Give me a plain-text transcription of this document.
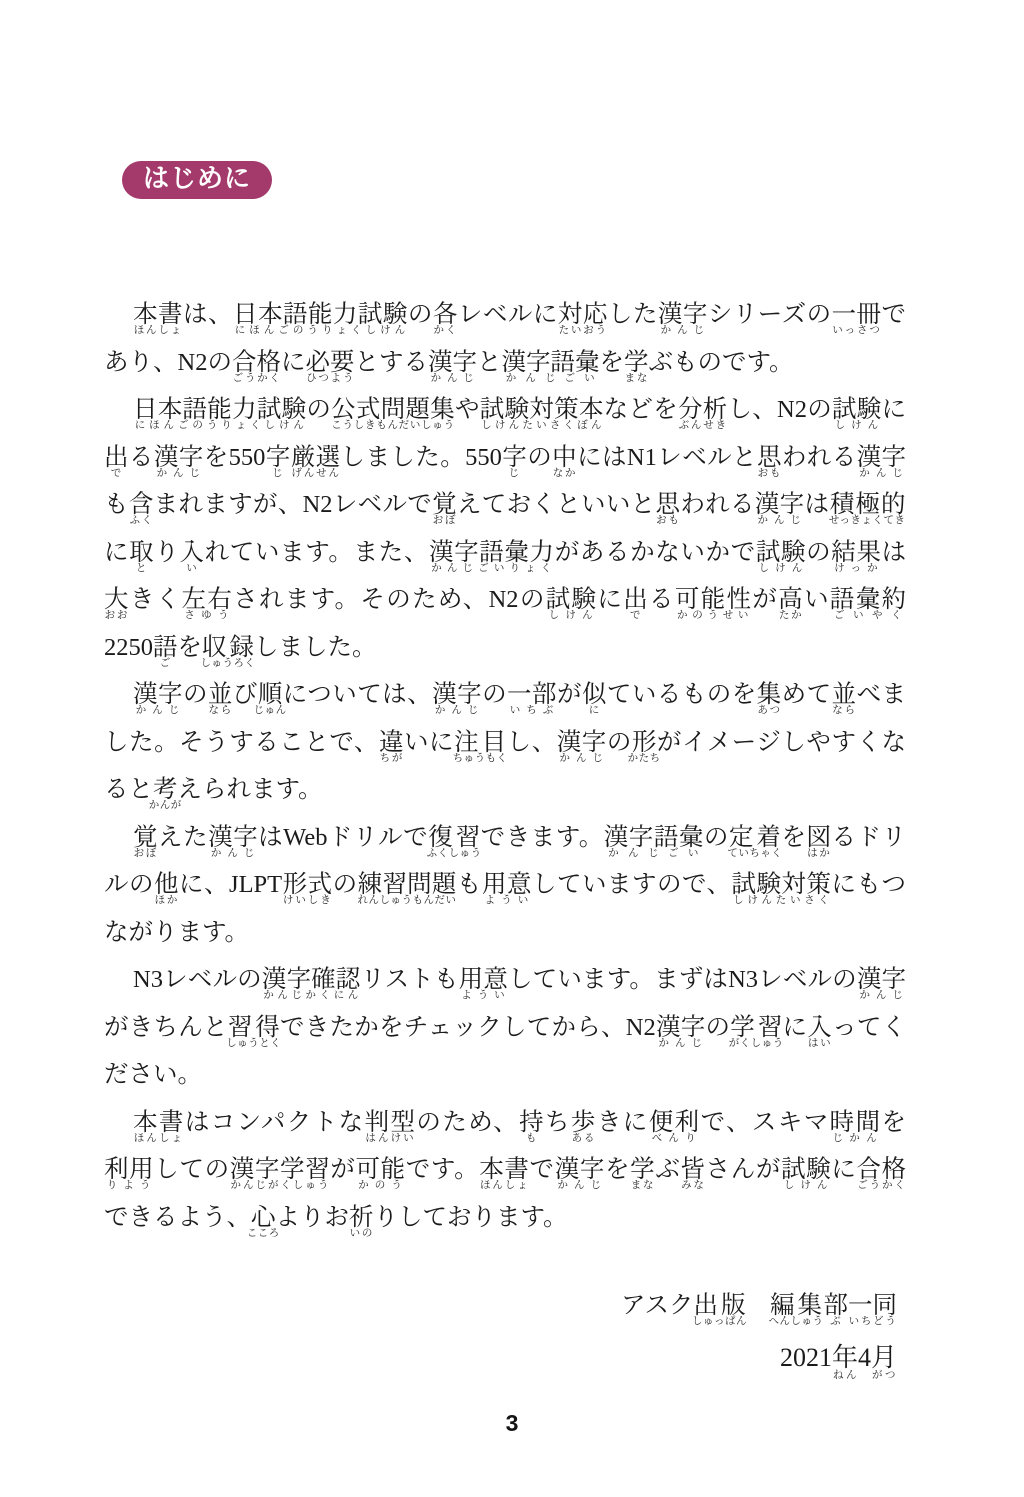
はじめに

本書ほんしょは、日本語能力試験にほんごのうりょくしけんの各かくレベルに対応たいおうした漢字かんじシリーズの一冊いっさつであり、N2の合格ごうかくに必要ひつようとする漢字かんじと漢字語彙かんじごいを学まなぶものです。

日本語能力試験にほんごのうりょくしけんの公式問題集こうしきもんだいしゅうや試験対策本しけんたいさくぼんなどを分析ぶんせきし、N2の試験しけんに出でる漢字かんじを550字じ厳選げんせんしました。550字じの中なかにはN1レベルと思おもわれる漢字かんじも含ふくまれますが、N2レベルで覚おぼえておくといいと思おもわれる漢字かんじは積極的せっきょくてきに取とり入いれています。また、漢字語彙力かんじごいりょくがあるかないかで試験しけんの結果けっかは大おおきく左右さゆうされます。そのため、N2の試験しけんに出でる可能性かのうせいが高たかい語彙約ごいやく2250語ごを収録しゅうろくしました。

漢字かんじの並ならび順じゅんについては、漢字かんじの一部いちぶが似にているものを集あつめて並ならべました。そうすることで、違ちがいに注目ちゅうもくし、漢字かんじの形かたちがイメージしやすくなると考かんがえられます。

覚おぼえた漢字かんじはWebドリルで復習ふくしゅうできます。漢字語彙かんじごいの定着ていちゃくを図はかるドリルの他ほかに、JLPT形式けいしきの練習問題れんしゅうもんだいも用意よういしていますので、試験対策しけんたいさくにもつながります。

N3レベルの漢字確認かんじかくにんリストも用意よういしています。まずはN3レベルの漢字かんじがきちんと習得しゅうとくできたかをチェックしてから、N2漢字かんじの学習がくしゅうに入はいってください。

本書ほんしょはコンパクトな判型はんけいのため、持もち歩あるきに便利べんりで、スキマ時間じかんを利用りようしての漢字学習かんじがくしゅうが可能かのうです。本書ほんしょで漢字かんじを学まなぶ皆みなさんが試験しけんに合格ごうかくできるよう、心こころよりお祈いのりしております。

アスク出版しゅっぱん　編集へんしゅう部ぶ一同いちどう
2021年ねん4月がつ
3
